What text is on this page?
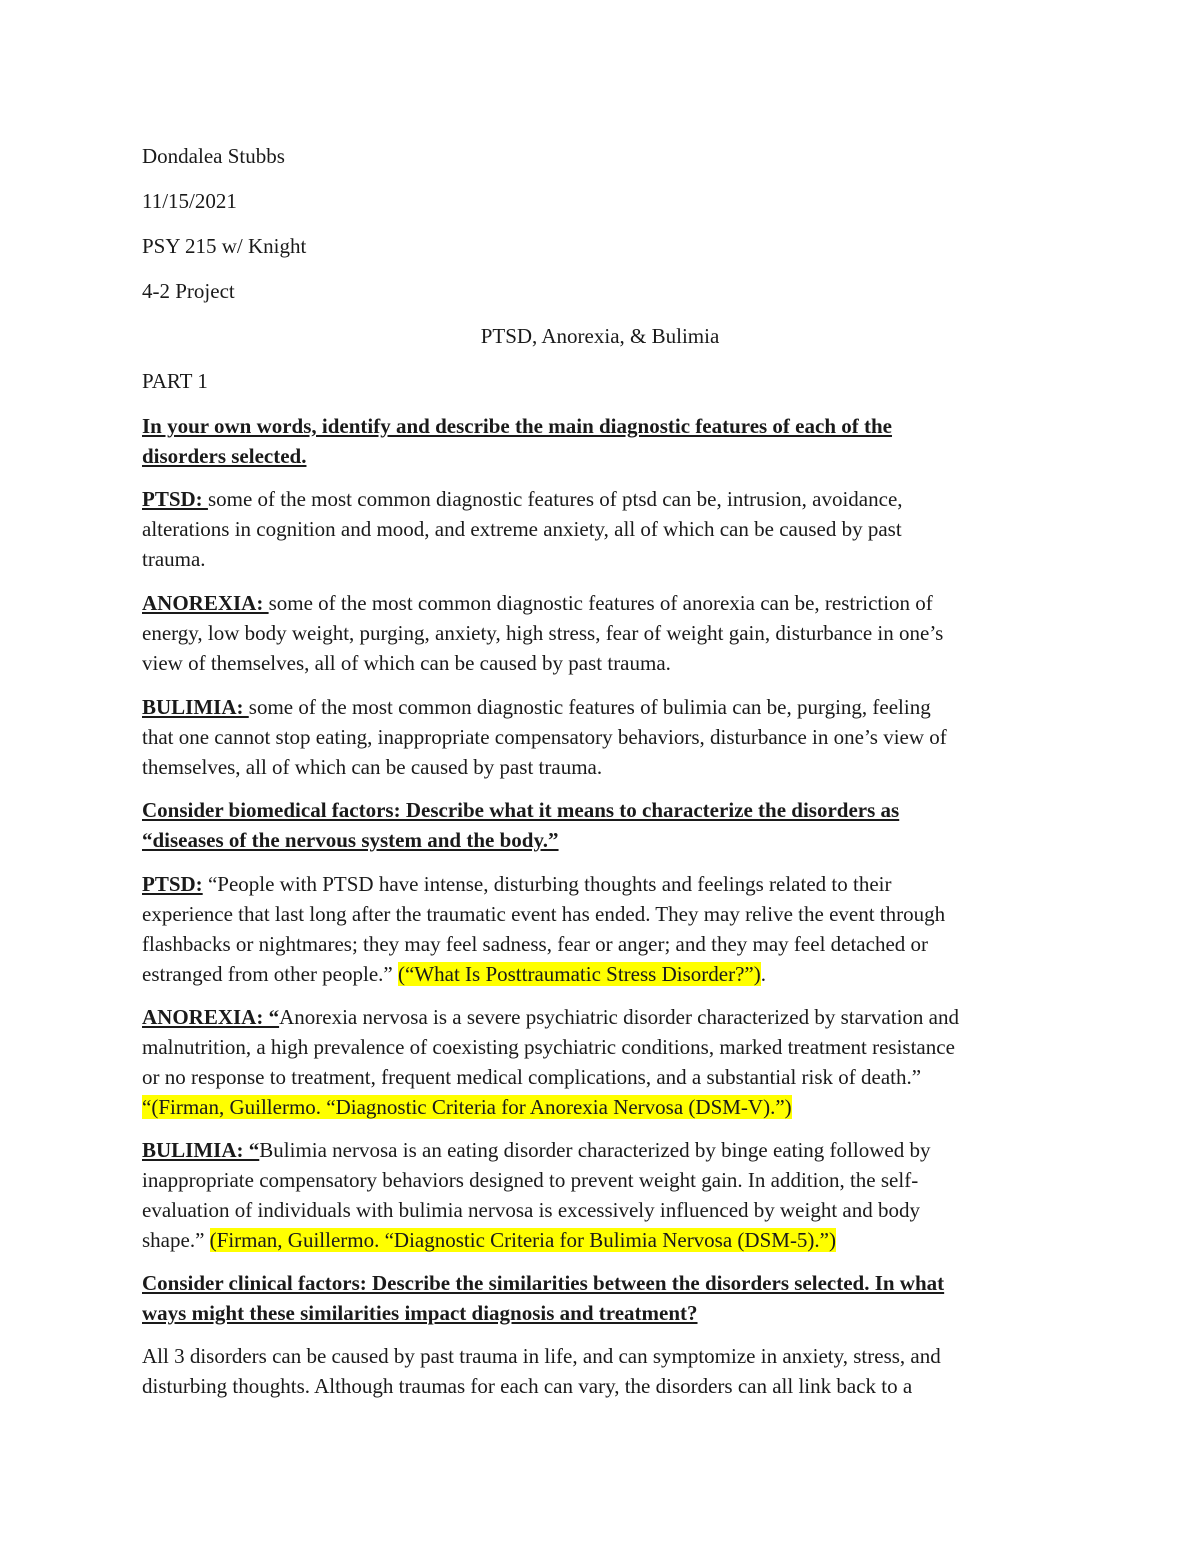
Dondalea Stubbs
11/15/2021
PSY 215 w/ Knight
4-2 Project
PTSD, Anorexia, & Bulimia
PART 1
In your own words, identify and describe the main diagnostic features of each of the
disorders selected.
PTSD: some of the most common diagnostic features of ptsd can be, intrusion, avoidance,
alterations in cognition and mood, and extreme anxiety, all of which can be caused by past
trauma.
ANOREXIA: some of the most common diagnostic features of anorexia can be, restriction of
energy, low body weight, purging, anxiety, high stress, fear of weight gain, disturbance in one’s
view of themselves, all of which can be caused by past trauma.
BULIMIA: some of the most common diagnostic features of bulimia can be, purging, feeling
that one cannot stop eating, inappropriate compensatory behaviors, disturbance in one’s view of
themselves, all of which can be caused by past trauma.
Consider biomedical factors: Describe what it means to characterize the disorders as
“diseases of the nervous system and the body.”
PTSD: “People with PTSD have intense, disturbing thoughts and feelings related to their
experience that last long after the traumatic event has ended. They may relive the event through
flashbacks or nightmares; they may feel sadness, fear or anger; and they may feel detached or
estranged from other people.” (“What Is Posttraumatic Stress Disorder?”).
ANOREXIA: “Anorexia nervosa is a severe psychiatric disorder characterized by starvation and
malnutrition, a high prevalence of coexisting psychiatric conditions, marked treatment resistance
or no response to treatment, frequent medical complications, and a substantial risk of death.”
“(Firman, Guillermo. “Diagnostic Criteria for Anorexia Nervosa (DSM-V).”)
BULIMIA: “Bulimia nervosa is an eating disorder characterized by binge eating followed by
inappropriate compensatory behaviors designed to prevent weight gain. In addition, the self-
evaluation of individuals with bulimia nervosa is excessively influenced by weight and body
shape.” (Firman, Guillermo. “Diagnostic Criteria for Bulimia Nervosa (DSM-5).”)
Consider clinical factors: Describe the similarities between the disorders selected. In what
ways might these similarities impact diagnosis and treatment?
All 3 disorders can be caused by past trauma in life, and can symptomize in anxiety, stress, and
disturbing thoughts. Although traumas for each can vary, the disorders can all link back to a
